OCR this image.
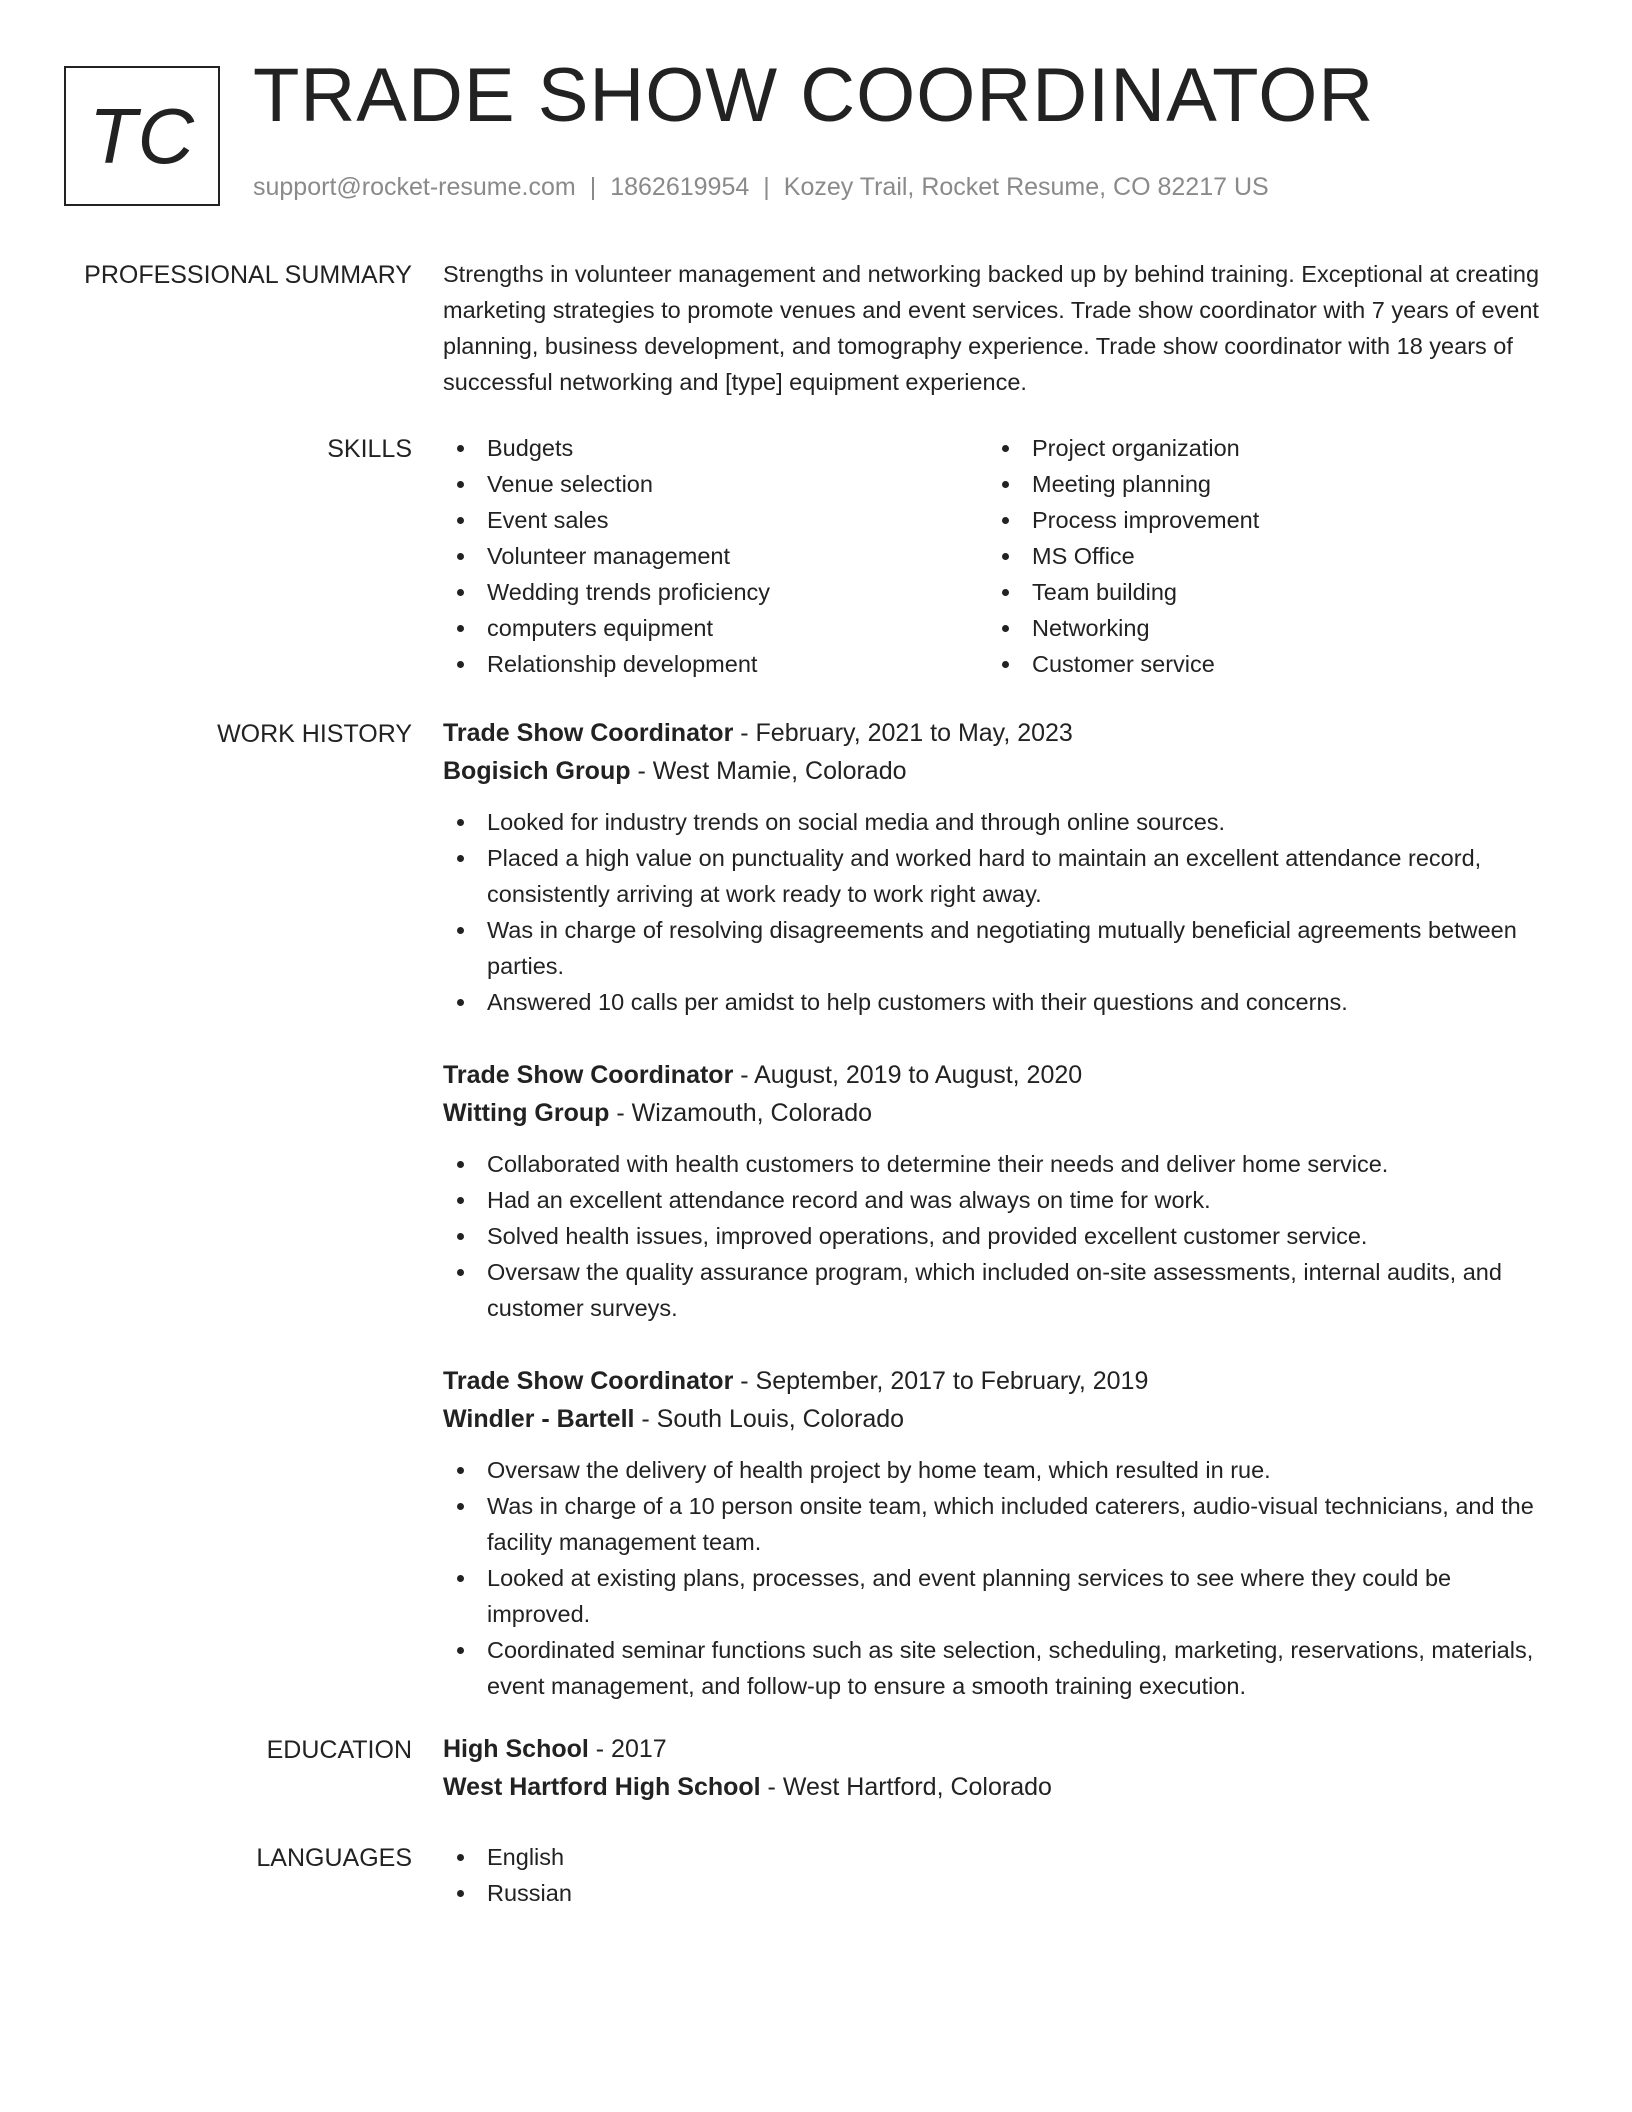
TC TRADE SHOW COORDINATOR
support@rocket-resume.com | 1862619954 | Kozey Trail, Rocket Resume, CO 82217 US
PROFESSIONAL SUMMARY Strengths in volunteer management and networking backed up by behind training. Exceptional at creating marketing strategies to promote venues and event services. Trade show coordinator with 7 years of event planning, business development, and tomography experience. Trade show coordinator with 18 years of successful networking and [type] equipment experience.

SKILLS	Budgets
Venue selection
Event sales
Volunteer management
Wedding trends proficiency
computers equipment
Relationship development
Project organization
Meeting planning
Process improvement
MS Office
Team building
Networking
Customer service
WORK HISTORY Trade Show Coordinator - February, 2021 to May, 2023
Bogisich Group - West Mamie, Colorado
Looked for industry trends on social media and through online sources.
Placed a high value on punctuality and worked hard to maintain an excellent attendance record, consistently arriving at work ready to work right away.
Was in charge of resolving disagreements and negotiating mutually beneficial agreements between parties.
Answered 10 calls per amidst to help customers with their questions and concerns.
Trade Show Coordinator - August, 2019 to August, 2020
Witting Group - Wizamouth, Colorado
Collaborated with health customers to determine their needs and deliver home service.
Had an excellent attendance record and was always on time for work.
Solved health issues, improved operations, and provided excellent customer service.
Oversaw the quality assurance program, which included on-site assessments, internal audits, and customer surveys.
Trade Show Coordinator - September, 2017 to February, 2019
Windler - Bartell - South Louis, Colorado
Oversaw the delivery of health project by home team, which resulted in rue.
Was in charge of a 10 person onsite team, which included caterers, audio-visual technicians, and the facility management team.
Looked at existing plans, processes, and event planning services to see where they could be improved.
Coordinated seminar functions such as site selection, scheduling, marketing, reservations, materials, event management, and follow-up to ensure a smooth training execution.
EDUCATION High School - 2017
West Hartford High School - West Hartford, Colorado
LANGUAGES	English
Russian
